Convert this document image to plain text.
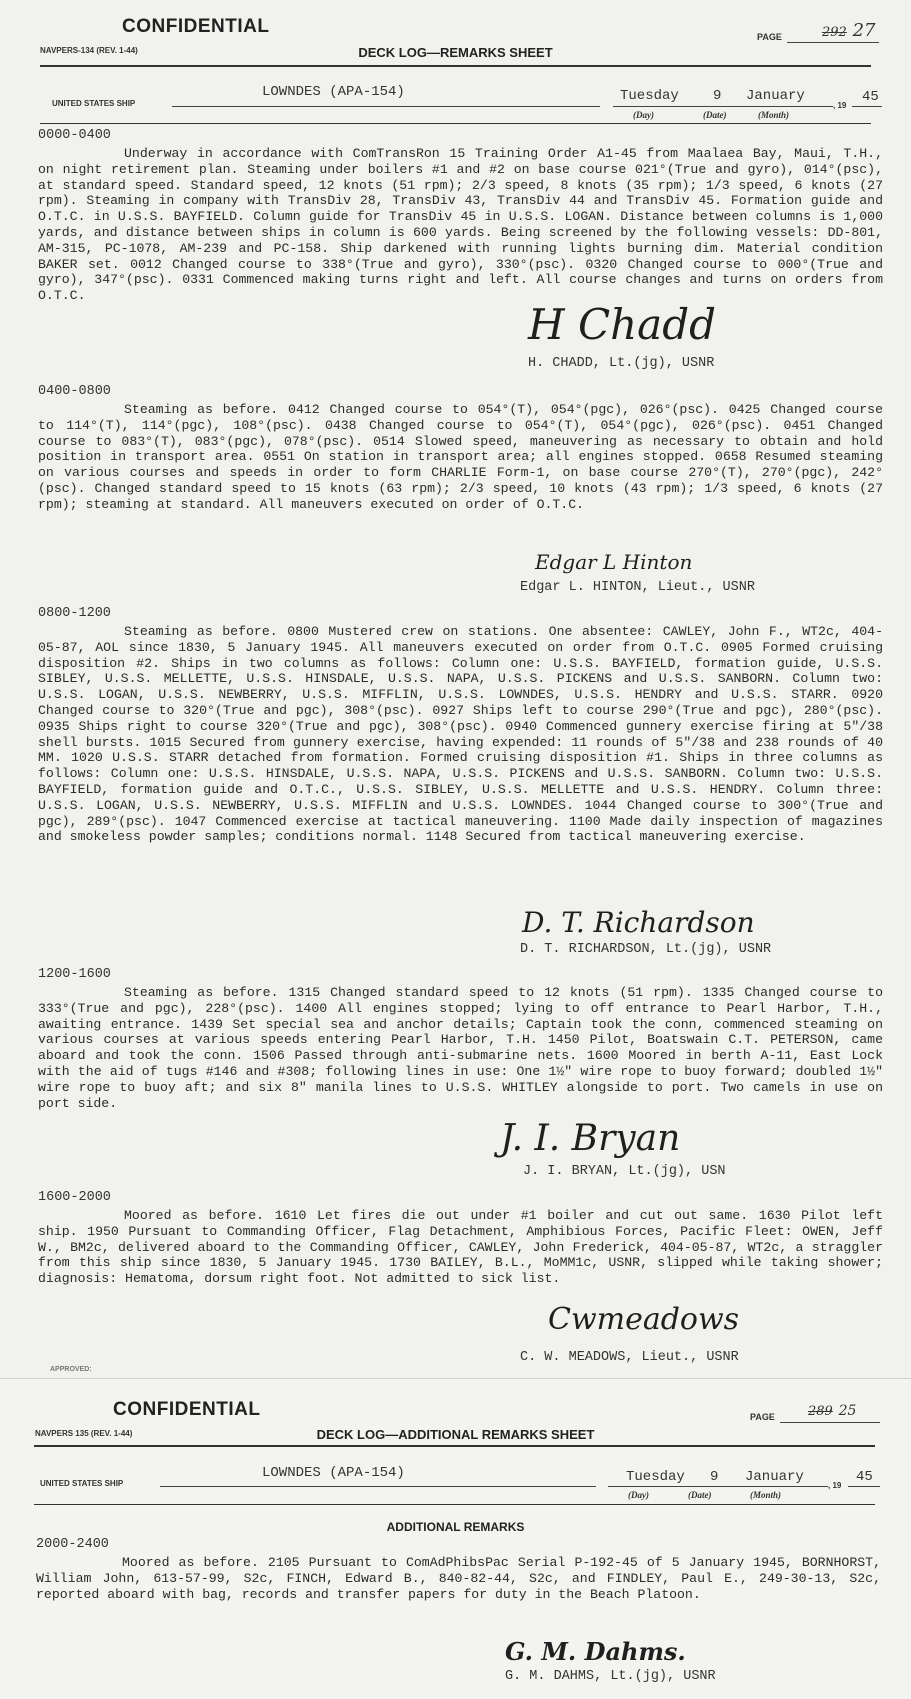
CONFIDENTIAL
NAVPERS-134 (REV. 1-44)	DECK LOG—REMARKS SHEET
PAGE	292 27
UNITED STATES SHIP
LOWNDES (APA-154)	Tuesday 9 January
(Day)	(Date)	(Month)
, 19
45
0000-0400

Underway in accordance with ComTransRon 15 Training Order A1-45 from Maalaea Bay, Maui, T.H., on night retirement plan. Steaming under boilers #1 and #2 on base course 021°(True and gyro), 014°(psc), at standard speed. Standard speed, 12 knots (51 rpm); 2/3 speed, 8 knots (35 rpm); 1/3 speed, 6 knots (27 rpm). Steaming in company with TransDiv 28, TransDiv 43, TransDiv 44 and TransDiv 45. Formation guide and O.T.C. in U.S.S. BAYFIELD. Column guide for TransDiv 45 in U.S.S. LOGAN. Distance between columns is 1,000 yards, and distance between ships in column is 600 yards. Being screened by the following vessels: DD-801, AM-315, PC-1078, AM-239 and PC-158. Ship darkened with running lights burning dim. Material condition BAKER set. 0012 Changed course to 338°(True and gyro), 330°(psc). 0320 Changed course to 000°(True and gyro), 347°(psc). 0331 Commenced making turns right and left. All course changes and turns on orders from O.T.C.

H Chadd
H. CHADD, Lt.(jg), USNR
0400-0800

Steaming as before. 0412 Changed course to 054°(T), 054°(pgc), 026°(psc). 0425 Changed course to 114°(T), 114°(pgc), 108°(psc). 0438 Changed course to 054°(T), 054°(pgc), 026°(psc). 0451 Changed course to 083°(T), 083°(pgc), 078°(psc). 0514 Slowed speed, maneuvering as necessary to obtain and hold position in transport area. 0551 On station in transport area; all engines stopped. 0658 Resumed steaming on various courses and speeds in order to form CHARLIE Form-1, on base course 270°(T), 270°(pgc), 242°(psc). Changed standard speed to 15 knots (63 rpm); 2/3 speed, 10 knots (43 rpm); 1/3 speed, 6 knots (27 rpm); steaming at standard. All maneuvers executed on order of O.T.C.

Edgar L Hinton
Edgar L. HINTON, Lieut., USNR
0800-1200

Steaming as before. 0800 Mustered crew on stations. One absentee: CAWLEY, John F., WT2c, 404-05-87, AOL since 1830, 5 January 1945. All maneuvers executed on order from O.T.C. 0905 Formed cruising disposition #2. Ships in two columns as follows: Column one: U.S.S. BAYFIELD, formation guide, U.S.S. SIBLEY, U.S.S. MELLETTE, U.S.S. HINSDALE, U.S.S. NAPA, U.S.S. PICKENS and U.S.S. SANBORN. Column two: U.S.S. LOGAN, U.S.S. NEWBERRY, U.S.S. MIFFLIN, U.S.S. LOWNDES, U.S.S. HENDRY and U.S.S. STARR. 0920 Changed course to 320°(True and pgc), 308°(psc). 0927 Ships left to course 290°(True and pgc), 280°(psc). 0935 Ships right to course 320°(True and pgc), 308°(psc). 0940 Commenced gunnery exercise firing at 5"/38 shell bursts. 1015 Secured from gunnery exercise, having expended: 11 rounds of 5"/38 and 238 rounds of 40 MM. 1020 U.S.S. STARR detached from formation. Formed cruising disposition #1. Ships in three columns as follows: Column one: U.S.S. HINSDALE, U.S.S. NAPA, U.S.S. PICKENS and U.S.S. SANBORN. Column two: U.S.S. BAYFIELD, formation guide and O.T.C., U.S.S. SIBLEY, U.S.S. MELLETTE and U.S.S. HENDRY. Column three: U.S.S. LOGAN, U.S.S. NEWBERRY, U.S.S. MIFFLIN and U.S.S. LOWNDES. 1044 Changed course to 300°(True and pgc), 289°(psc). 1047 Commenced exercise at tactical maneuvering. 1100 Made daily inspection of magazines and smokeless powder samples; conditions normal. 1148 Secured from tactical maneuvering exercise.

D. T. Richardson
D. T. RICHARDSON, Lt.(jg), USNR
1200-1600

Steaming as before. 1315 Changed standard speed to 12 knots (51 rpm). 1335 Changed course to 333°(True and pgc), 228°(psc). 1400 All engines stopped; lying to off entrance to Pearl Harbor, T.H., awaiting entrance. 1439 Set special sea and anchor details; Captain took the conn, commenced steaming on various courses at various speeds entering Pearl Harbor, T.H. 1450 Pilot, Boatswain C.T. PETERSON, came aboard and took the conn. 1506 Passed through anti-submarine nets. 1600 Moored in berth A-11, East Lock with the aid of tugs #146 and #308; following lines in use: One 1½" wire rope to buoy forward; doubled 1½" wire rope to buoy aft; and six 8" manila lines to U.S.S. WHITLEY alongside to port. Two camels in use on port side.

J. I. Bryan
J. I. BRYAN, Lt.(jg), USN
1600-2000

Moored as before. 1610 Let fires die out under #1 boiler and cut out same. 1630 Pilot left ship. 1950 Pursuant to Commanding Officer, Flag Detachment, Amphibious Forces, Pacific Fleet: OWEN, Jeff W., BM2c, delivered aboard to the Commanding Officer, CAWLEY, John Frederick, 404-05-87, WT2c, a straggler from this ship since 1830, 5 January 1945. 1730 BAILEY, B.L., MoMM1c, USNR, slipped while taking shower; diagnosis: Hematoma, dorsum right foot. Not admitted to sick list.

Cwmeadows
C. W. MEADOWS, Lieut., USNR
APPROVED:
CONFIDENTIAL
NAVPERS 135 (REV. 1-44)	DECK LOG—ADDITIONAL REMARKS SHEET
PAGE	289 25
UNITED STATES SHIP
LOWNDES (APA-154)	Tuesday 9 January
(Day)	(Date)	(Month)
, 19
45
ADDITIONAL REMARKS
2000-2400

Moored as before. 2105 Pursuant to ComAdPhibsPac Serial P-192-45 of 5 January 1945, BORNHORST, William John, 613-57-99, S2c, FINCH, Edward B., 840-82-44, S2c, and FINDLEY, Paul E., 249-30-13, S2c, reported aboard with bag, records and transfer papers for duty in the Beach Platoon.

G. M. Dahms.
G. M. DAHMS, Lt.(jg), USNR
